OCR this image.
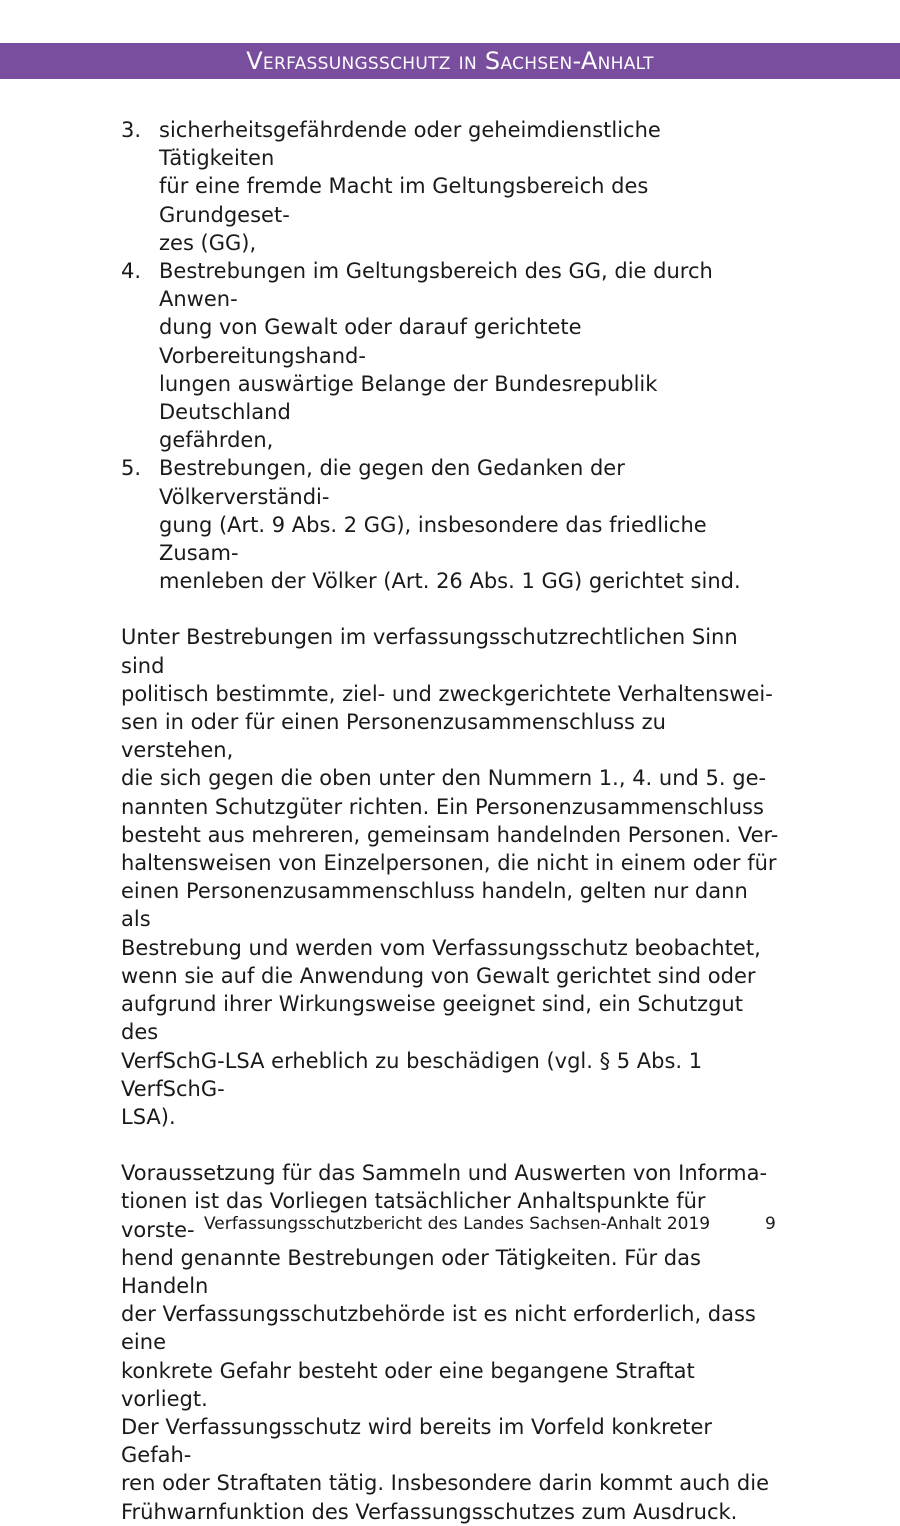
Verfassungsschutz in Sachsen-Anhalt
3. sicherheitsgefährdende oder geheimdienstliche Tätigkeiten
für eine fremde Macht im Geltungsbereich des Grundgeset-
zes (GG),
4. Bestrebungen im Geltungsbereich des GG, die durch Anwen-
dung von Gewalt oder darauf gerichtete Vorbereitungshand-
lungen auswärtige Belange der Bundesrepublik Deutschland
gefährden,
5. Bestrebungen, die gegen den Gedanken der Völkerverständi-
gung (Art. 9 Abs. 2 GG), insbesondere das friedliche Zusam-
menleben der Völker (Art. 26 Abs. 1 GG) gerichtet sind.

Unter Bestrebungen im verfassungsschutzrechtlichen Sinn sind
politisch bestimmte, ziel- und zweckgerichtete Verhaltenswei-
sen in oder für einen Personenzusammenschluss zu verstehen,
die sich gegen die oben unter den Nummern 1., 4. und 5. ge-
nannten Schutzgüter richten. Ein Personenzusammenschluss
besteht aus mehreren, gemeinsam handelnden Personen. Ver-
haltensweisen von Einzelpersonen, die nicht in einem oder für
einen Personenzusammenschluss handeln, gelten nur dann als
Bestrebung und werden vom Verfassungsschutz beobachtet,
wenn sie auf die Anwendung von Gewalt gerichtet sind oder
aufgrund ihrer Wirkungsweise geeignet sind, ein Schutzgut des
VerfSchG-LSA erheblich zu beschädigen (vgl. § 5 Abs. 1 VerfSchG-
LSA).

Voraussetzung für das Sammeln und Auswerten von Informa-
tionen ist das Vorliegen tatsächlicher Anhaltspunkte für vorste-
hend genannte Bestrebungen oder Tätigkeiten. Für das Handeln
der Verfassungsschutzbehörde ist es nicht erforderlich, dass eine
konkrete Gefahr besteht oder eine begangene Straftat vorliegt.
Der Verfassungsschutz wird bereits im Vorfeld konkreter Gefah-
ren oder Straftaten tätig. Insbesondere darin kommt auch die
Frühwarnfunktion des Verfassungsschutzes zum Ausdruck.

Verfassungsschutzbericht des Landes Sachsen-Anhalt 2019	9
